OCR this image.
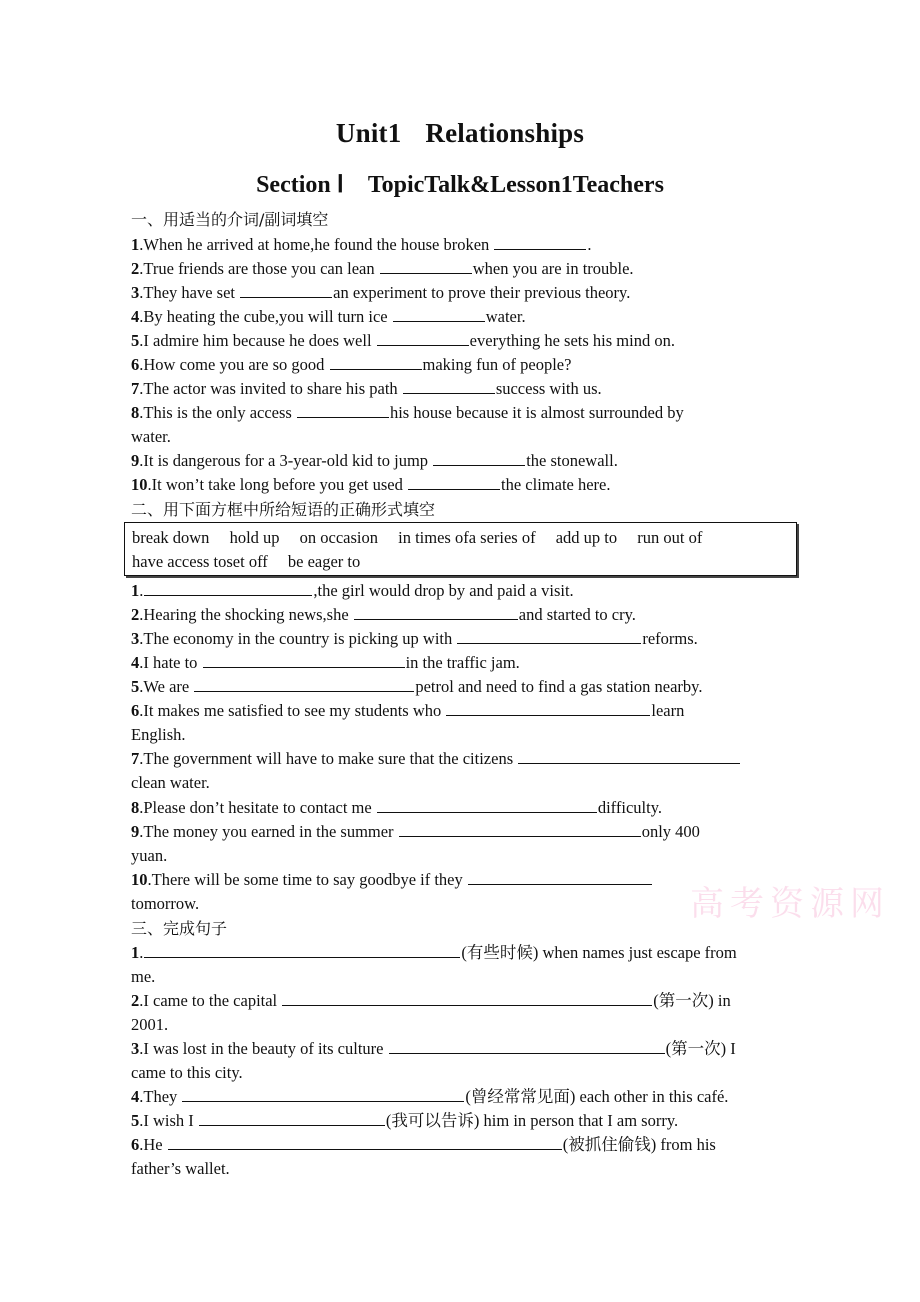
Unit1 Relationships
Section Ⅰ TopicTalk&Lesson1Teachers
一、用适当的介词/副词填空
1.When he arrived at home,he found the house broken	.
2.True friends are those you can lean	when you are in trouble.
3.They have set	an experiment to prove their previous theory.
4.By heating the cube,you will turn ice	water.
5.I admire him because he does well	everything he sets his mind on.
6.How come you are so good	making fun of people?
7.The actor was invited to share his path	success with us.
8.This is the only access	his house because it is almost surrounded by
water.
9.It is dangerous for a 3-year-old kid to jump	the stonewall.
10.It won’t take long before you get used	the climate here.
二、用下面方框中所给短语的正确形式填空
break down hold up on occasion in times ofa series of add up to run out of
have access toset off be eager to
1.	,the girl would drop by and paid a visit.
2.Hearing the shocking news,she	and started to cry.
3.The economy in the country is picking up with	reforms.
4.I hate to	in the traffic jam.
5.We are	petrol and need to find a gas station nearby.
6.It makes me satisfied to see my students who	learn
English.
7.The government will have to make sure that the citizens
clean water.
8.Please don’t hesitate to contact me	difficulty.
9.The money you earned in the summer	only 400
yuan.
10.There will be some time to say goodbye if they
tomorrow.	高考资源网
三、完成句子
1.	(有些时候) when names just escape from
me.
2.I came to the capital	(第一次) in
2001.
3.I was lost in the beauty of its culture	(第一次) I
came to this city.
4.They	(曾经常常见面) each other in this café.
5.I wish I	(我可以告诉) him in person that I am sorry.
6.He	(被抓住偷钱) from his
father’s wallet.
